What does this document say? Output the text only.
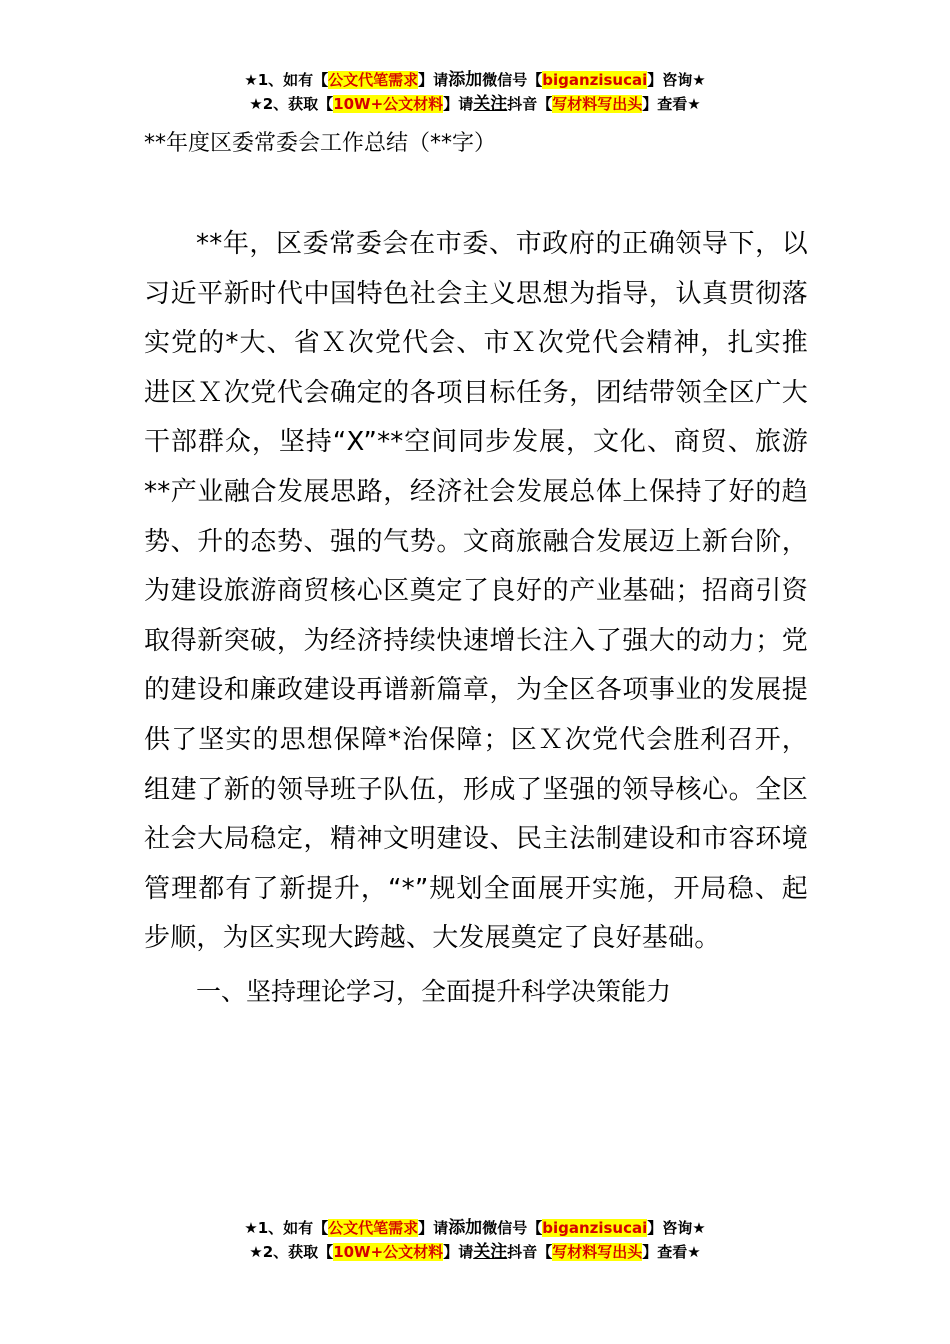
★1、如有【公文代笔需求】请添加微信号【biganzisucai】咨询★
★2、获取【10W+公文材料】请关注抖音【写材料写出头】查看★
**年度区委常委会工作总结（**字）

**年，区委常委会在市委、市政府的正确领导下，以习近平新时代中国特色社会主义思想为指导，认真贯彻落实党的*大、省Ｘ次党代会、市Ｘ次党代会精神，扎实推进区Ｘ次党代会确定的各项目标任务，团结带领全区广大干部群众，坚持“X”**空间同步发展，文化、商贸、旅游**产业融合发展思路，经济社会发展总体上保持了好的趋势、升的态势、强的气势。文商旅融合发展迈上新台阶，为建设旅游商贸核心区奠定了良好的产业基础；招商引资取得新突破，为经济持续快速增长注入了强大的动力；党的建设和廉政建设再谱新篇章，为全区各项事业的发展提供了坚实的思想保障*治保障；区Ｘ次党代会胜利召开，组建了新的领导班子队伍，形成了坚强的领导核心。全区社会大局稳定，精神文明建设、民主法制建设和市容环境管理都有了新提升，“*”规划全面展开实施，开局稳、起步顺，为区实现大跨越、大发展奠定了良好基础。

一、坚持理论学习，全面提升科学决策能力
★1、如有【公文代笔需求】请添加微信号【biganzisucai】咨询★
★2、获取【10W+公文材料】请关注抖音【写材料写出头】查看★
